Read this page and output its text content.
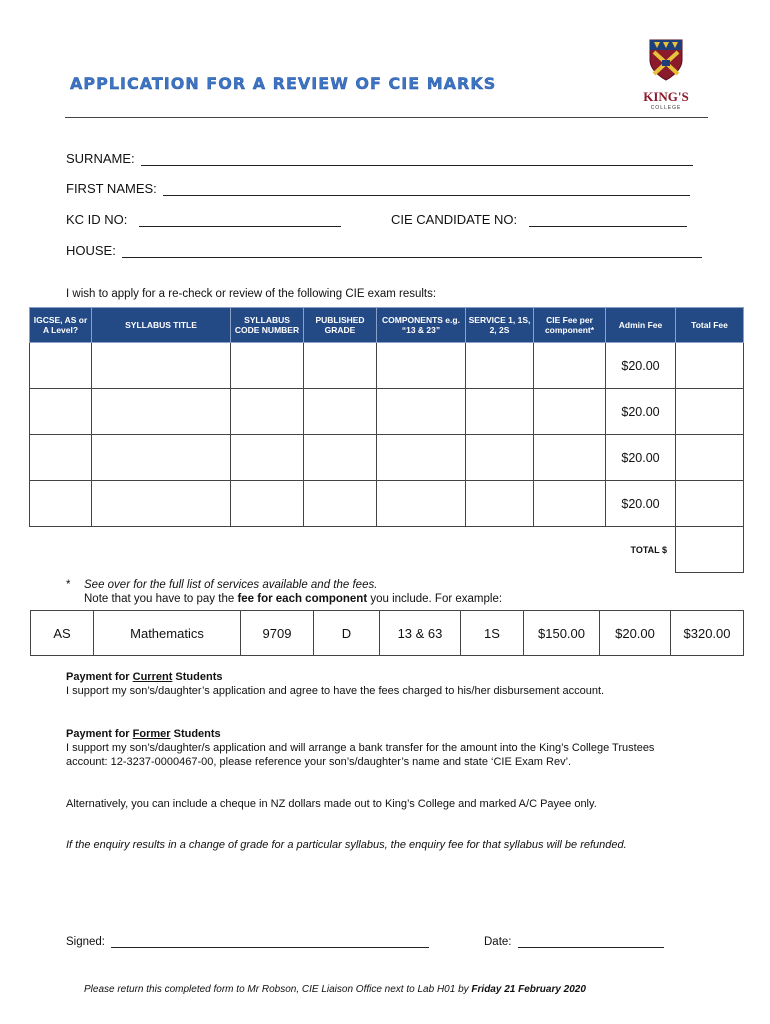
APPLICATION FOR A REVIEW OF CIE MARKS
KING'S
COLLEGE
SURNAME:
FIRST NAMES:
KC ID NO:	CIE CANDIDATE NO:
HOUSE:
I wish to apply for a re-check or review of the following CIE exam results:
IGCSE, AS or A Level?	SYLLABUS TITLE	SYLLABUS CODE NUMBER	PUBLISHED GRADE	COMPONENTS e.g. “13 & 23”	SERVICE 1, 1S, 2, 2S	CIE Fee per component*	Admin Fee	Total Fee
							$20.00	
							$20.00	
							$20.00	
							$20.00	
							TOTAL $	
* See over for the full list of services available and the fees.
Note that you have to pay the fee for each component you include. For example:
AS	Mathematics	9709	D	13 & 63	1S	$150.00	$20.00	$320.00
Payment for Current Students
I support my son’s/daughter’s application and agree to have the fees charged to his/her disbursement account.
Payment for Former Students
I support my son’s/daughter/s application and will arrange a bank transfer for the amount into the King’s College Trustees account: 12-3237-0000467-00, please reference your son’s/daughter’s name and state ‘CIE Exam Rev’.
Alternatively, you can include a cheque in NZ dollars made out to King’s College and marked A/C Payee only.
If the enquiry results in a change of grade for a particular syllabus, the enquiry fee for that syllabus will be refunded.
Signed:	Date:
Please return this completed form to Mr Robson, CIE Liaison Office next to Lab H01 by Friday 21 February 2020
